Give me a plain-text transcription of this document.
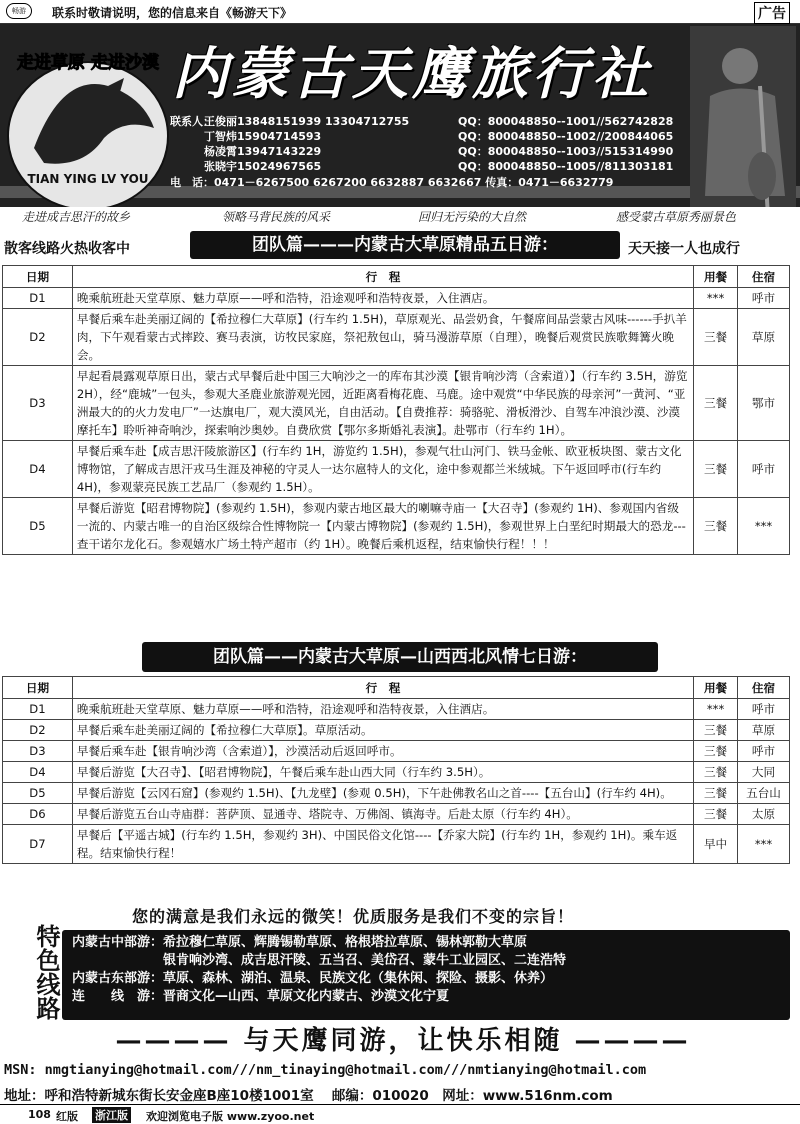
畅游	联系时敬请说明，您的信息来自《畅游天下》	广告
走进草原 走进沙漠
TIAN YING LV YOU
内蒙古天鹰旅行社
联系人：
王俊丽13848151939 13304712755
丁智炜15904714593
杨凌霄13947143229
张晓宇15024967565
QQ：800048850--1001//562742828
QQ：800048850--1002//200844065
QQ：800048850--1003//515314990
QQ：800048850--1005//811303181
电　话：0471－6267500 6267200 6632887 6632667 传真：0471－6632779
走进成吉思汗的故乡	领略马背民族的风采	回归无污染的大自然	感受蒙古草原秀丽景色
散客线路火热收客中	团队篇———内蒙古大草原精品五日游：	天天接一人也成行
日期	行　程	用餐	住宿
D1	晚乘航班赴天堂草原、魅力草原——呼和浩特，沿途观呼和浩特夜景，入住酒店。	***	呼市
D2	早餐后乘车赴美丽辽阔的【希拉穆仁大草原】(行车约 1.5H)，草原观光、品尝奶食，午餐席间品尝蒙古风味------手扒羊肉，下午观看蒙古式摔跤、赛马表演，访牧民家庭，祭祀敖包山，骑马漫游草原（自理），晚餐后观赏民族歌舞篝火晚会。	三餐	草原
D3	早起看晨露观草原日出，蒙古式早餐后赴中国三大响沙之一的库布其沙漠【银肯响沙湾（含索道）】（行车约 3.5H，游览 2H），经“鹿城”一包头，参观大圣鹿业旅游观光园，近距离看梅花鹿、马鹿。途中观赏“中华民族的母亲河”一黄河、“亚洲最大的的火力发电厂”一达旗电厂，观大漠风光，自由活动。【自费推荐：骑骆驼、滑板滑沙、自驾车冲浪沙漠、沙漠摩托车】聆听神奇响沙，探索响沙奥妙。自费欣赏【鄂尔多斯婚礼表演】。赴鄂市（行车约 1H）。	三餐	鄂市
D4	早餐后乘车赴【成吉思汗陵旅游区】(行车约 1H，游览约 1.5H)，参观气壮山河门、铁马金帐、欧亚板块图、蒙古文化博物馆，了解成吉思汗戎马生涯及神秘的守灵人一达尔扈特人的文化，途中参观都兰米绒城。下午返回呼市(行车约 4H)，参观蒙亮民族工艺品厂（参观约 1.5H）。	三餐	呼市
D5	早餐后游览【昭君博物院】(参观约 1.5H)，参观内蒙古地区最大的喇嘛寺庙一【大召寺】(参观约 1H)、参观国内省级一流的、内蒙古唯一的自治区级综合性博物院一【内蒙古博物院】(参观约 1.5H)，参观世界上白垩纪时期最大的恐龙---查干诺尔龙化石。参观嬉水广场土特产超市（约 1H）。晚餐后乘机返程，结束愉快行程！！！	三餐	***
团队篇——内蒙古大草原—山西西北风情七日游：
日期	行　程	用餐	住宿
D1	晚乘航班赴天堂草原、魅力草原——呼和浩特，沿途观呼和浩特夜景，入住酒店。	***	呼市
D2	早餐后乘车赴美丽辽阔的【希拉穆仁大草原】。草原活动。	三餐	草原
D3	早餐后乘车赴【银肯响沙湾（含索道）】，沙漠活动后返回呼市。	三餐	呼市
D4	早餐后游览【大召寺】、【昭君博物院】，午餐后乘车赴山西大同（行车约 3.5H）。	三餐	大同
D5	早餐后游览【云冈石窟】(参观约 1.5H)、【九龙壁】(参观 0.5H)，下午赴佛教名山之首----【五台山】(行车约 4H)。	三餐	五台山
D6	早餐后游览五台山寺庙群：菩萨顶、显通寺、塔院寺、万佛阁、镇海寺。后赴太原（行车约 4H）。	三餐	太原
D7	早餐后【平遥古城】(行车约 1.5H，参观约 3H)、中国民俗文化馆----【乔家大院】(行车约 1H，参观约 1H)。乘车返程。结束愉快行程！	早中	***
特色线路
您的满意是我们永远的微笑！优质服务是我们不变的宗旨！
内蒙古中部游：希拉穆仁草原、辉腾锡勒草原、格根塔拉草原、锡林郭勒大草原
　　　　　　　银肯响沙湾、成吉思汗陵、五当召、美岱召、蒙牛工业园区、二连浩特
内蒙古东部游：草原、森林、湖泊、温泉、民族文化（集休闲、探险、摄影、休养）
连　　线　游：晋商文化—山西、草原文化内蒙古、沙漠文化宁夏
———— 与天鹰同游，让快乐相随 ————
MSN: nmgtianying@hotmail.com///nm_tinaying@hotmail.com///nmtianying@hotmail.com
地址：呼和浩特新城东街长安金座B座10楼1001室　 邮编：010020　网址：www.516nm.com
108 红版 浙江版 欢迎浏览电子版 www.zyoo.net
